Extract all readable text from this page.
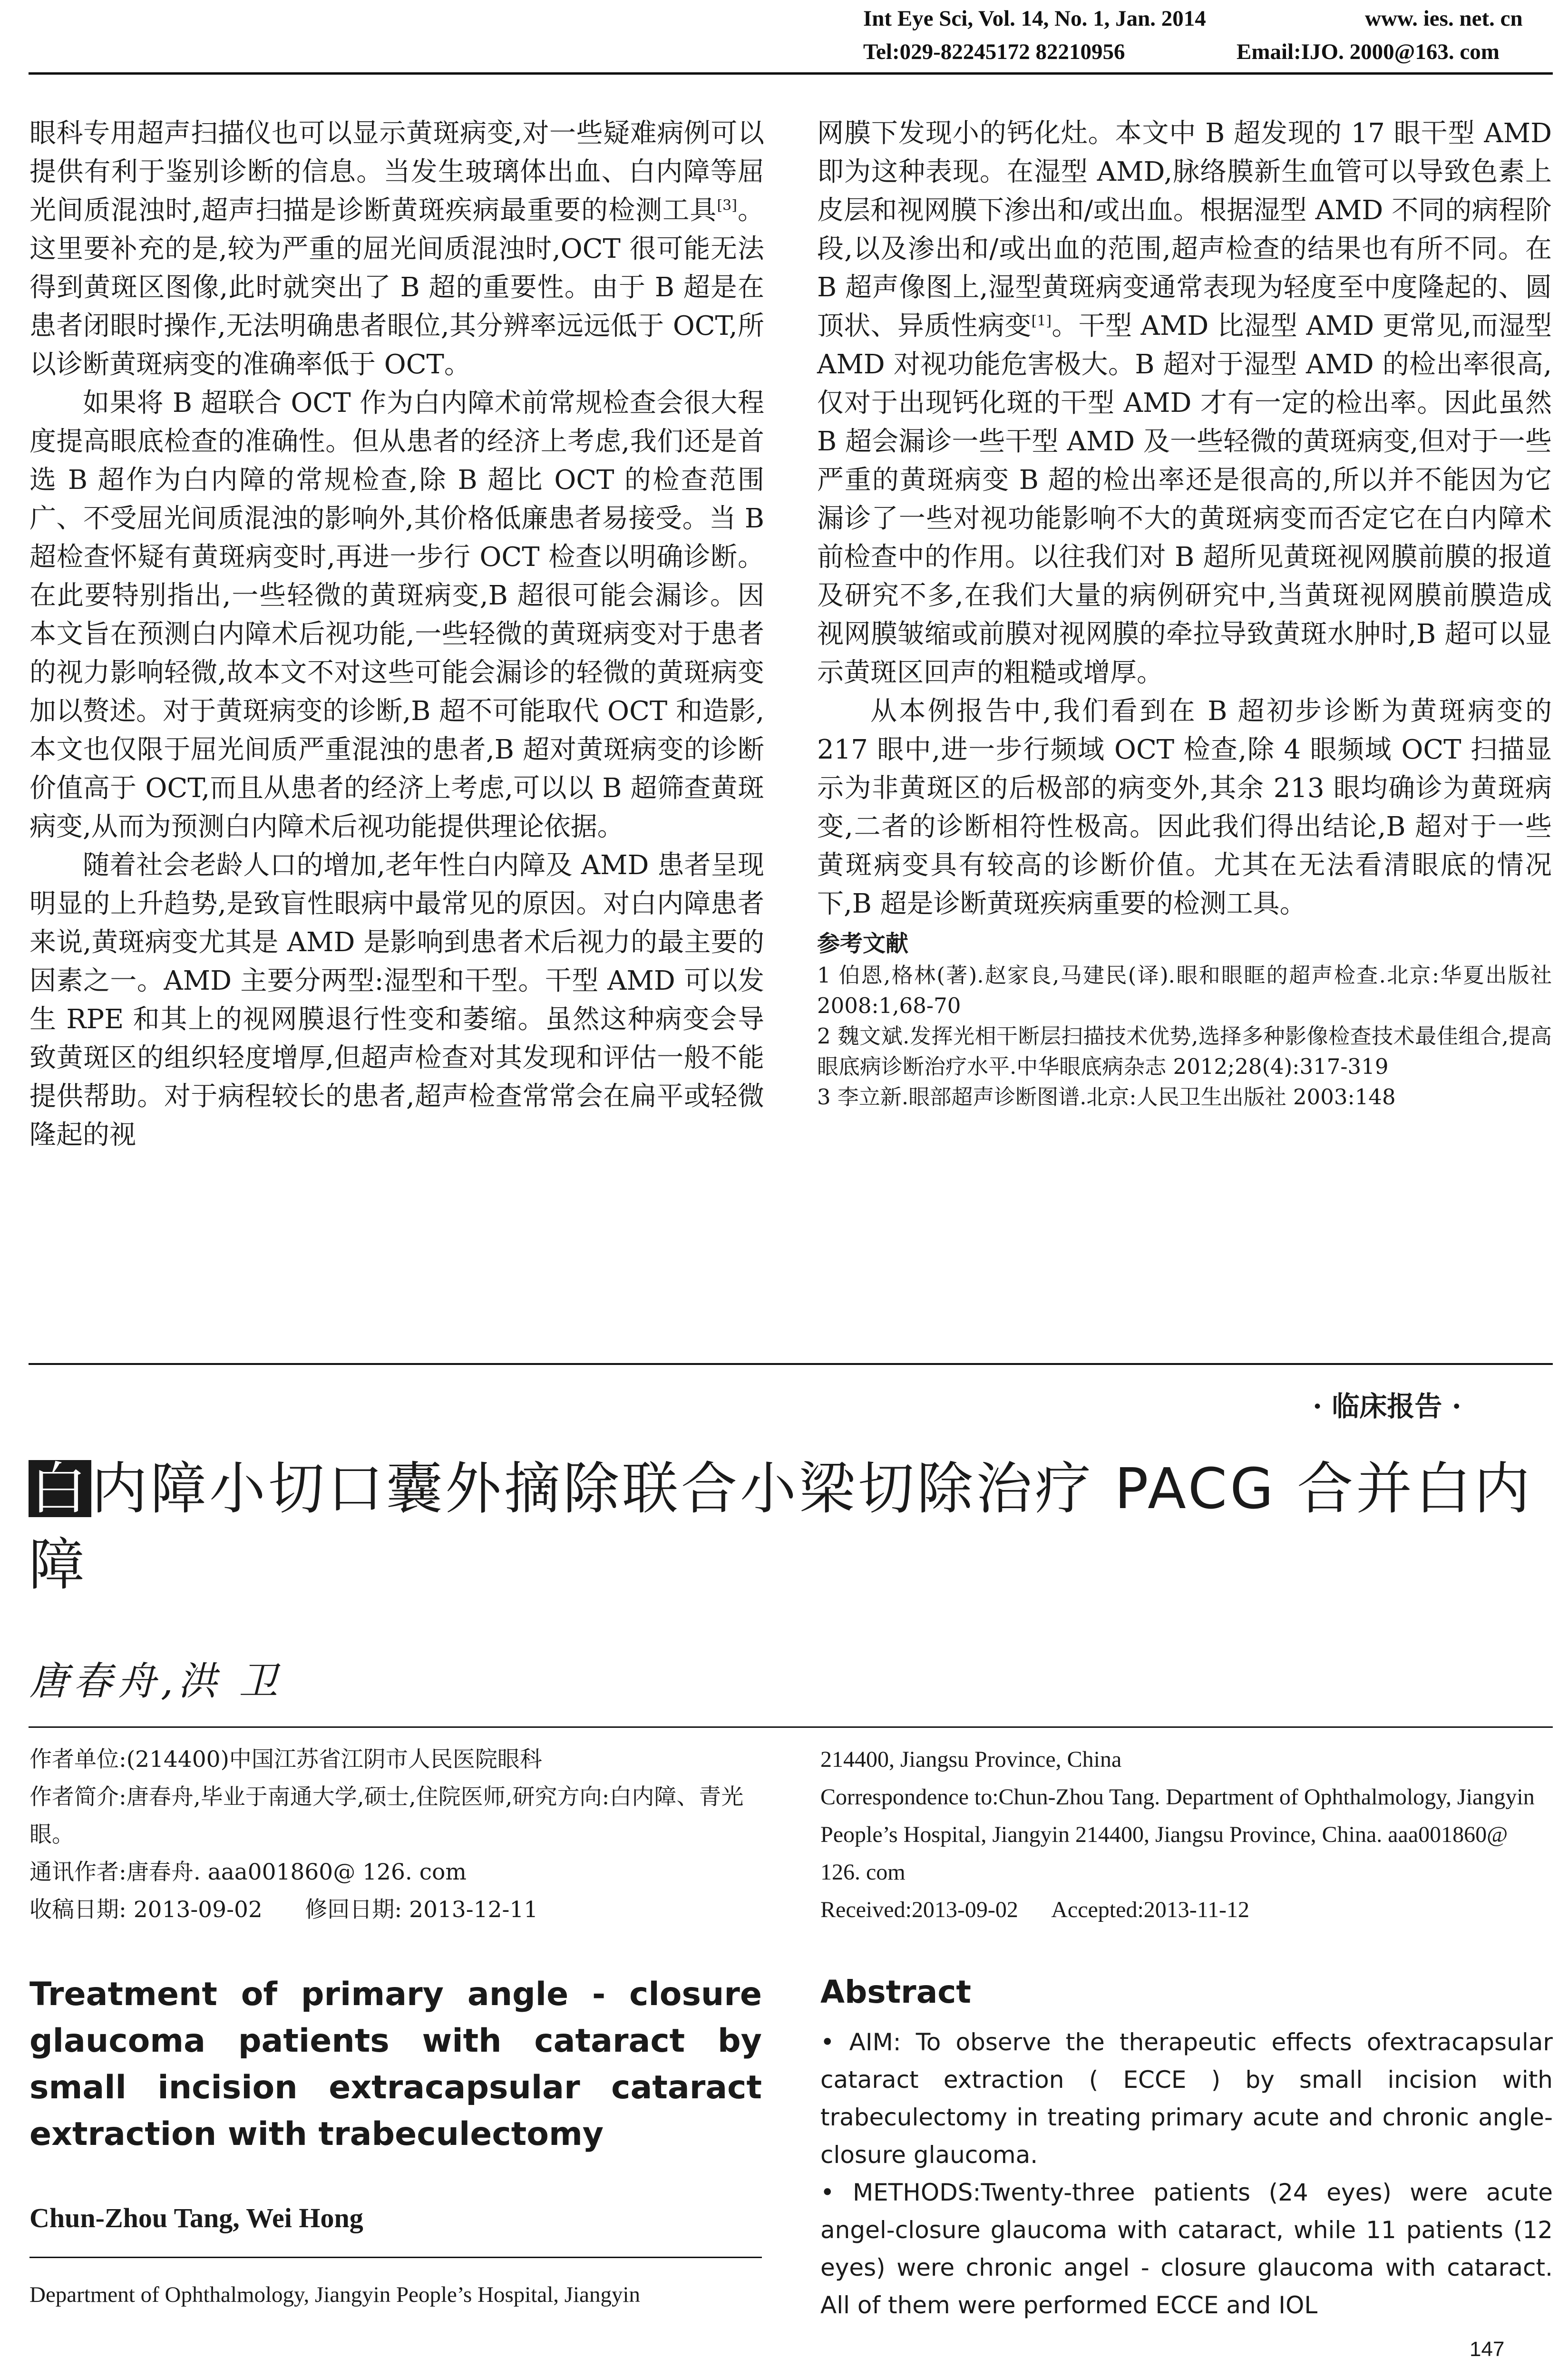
Int Eye Sci, Vol. 14, No. 1, Jan. 2014	www. ies. net. cn
Tel:029-82245172 82210956	Email:IJO. 2000@163. com

眼科专用超声扫描仪也可以显示黄斑病变,对一些疑难病例可以提供有利于鉴别诊断的信息。当发生玻璃体出血、白内障等屈光间质混浊时,超声扫描是诊断黄斑疾病最重要的检测工具[3]。这里要补充的是,较为严重的屈光间质混浊时,OCT 很可能无法得到黄斑区图像,此时就突出了 B 超的重要性。由于 B 超是在患者闭眼时操作,无法明确患者眼位,其分辨率远远低于 OCT,所以诊断黄斑病变的准确率低于 OCT。

如果将 B 超联合 OCT 作为白内障术前常规检查会很大程度提高眼底检查的准确性。但从患者的经济上考虑,我们还是首选 B 超作为白内障的常规检查,除 B 超比 OCT 的检查范围广、不受屈光间质混浊的影响外,其价格低廉患者易接受。当 B 超检查怀疑有黄斑病变时,再进一步行 OCT 检查以明确诊断。在此要特别指出,一些轻微的黄斑病变,B 超很可能会漏诊。因本文旨在预测白内障术后视功能,一些轻微的黄斑病变对于患者的视力影响轻微,故本文不对这些可能会漏诊的轻微的黄斑病变加以赘述。对于黄斑病变的诊断,B 超不可能取代 OCT 和造影,本文也仅限于屈光间质严重混浊的患者,B 超对黄斑病变的诊断价值高于 OCT,而且从患者的经济上考虑,可以以 B 超筛查黄斑病变,从而为预测白内障术后视功能提供理论依据。

随着社会老龄人口的增加,老年性白内障及 AMD 患者呈现明显的上升趋势,是致盲性眼病中最常见的原因。对白内障患者来说,黄斑病变尤其是 AMD 是影响到患者术后视力的最主要的因素之一。AMD 主要分两型:湿型和干型。干型 AMD 可以发生 RPE 和其上的视网膜退行性变和萎缩。虽然这种病变会导致黄斑区的组织轻度增厚,但超声检查对其发现和评估一般不能提供帮助。对于病程较长的患者,超声检查常常会在扁平或轻微隆起的视

网膜下发现小的钙化灶。本文中 B 超发现的 17 眼干型 AMD 即为这种表现。在湿型 AMD,脉络膜新生血管可以导致色素上皮层和视网膜下渗出和/或出血。根据湿型 AMD 不同的病程阶段,以及渗出和/或出血的范围,超声检查的结果也有所不同。在 B 超声像图上,湿型黄斑病变通常表现为轻度至中度隆起的、圆顶状、异质性病变[1]。干型 AMD 比湿型 AMD 更常见,而湿型 AMD 对视功能危害极大。B 超对于湿型 AMD 的检出率很高,仅对于出现钙化斑的干型 AMD 才有一定的检出率。因此虽然 B 超会漏诊一些干型 AMD 及一些轻微的黄斑病变,但对于一些严重的黄斑病变 B 超的检出率还是很高的,所以并不能因为它漏诊了一些对视功能影响不大的黄斑病变而否定它在白内障术前检查中的作用。以往我们对 B 超所见黄斑视网膜前膜的报道及研究不多,在我们大量的病例研究中,当黄斑视网膜前膜造成视网膜皱缩或前膜对视网膜的牵拉导致黄斑水肿时,B 超可以显示黄斑区回声的粗糙或增厚。

从本例报告中,我们看到在 B 超初步诊断为黄斑病变的 217 眼中,进一步行频域 OCT 检查,除 4 眼频域 OCT 扫描显示为非黄斑区的后极部的病变外,其余 213 眼均确诊为黄斑病变,二者的诊断相符性极高。因此我们得出结论,B 超对于一些黄斑病变具有较高的诊断价值。尤其在无法看清眼底的情况下,B 超是诊断黄斑疾病重要的检测工具。

参考文献

1 伯恩,格林(著).赵家良,马建民(译).眼和眼眶的超声检查.北京:华夏出版社 2008:1,68-70

2 魏文斌.发挥光相干断层扫描技术优势,选择多种影像检查技术最佳组合,提高眼底病诊断治疗水平.中华眼底病杂志 2012;28(4):317-319

3 李立新.眼部超声诊断图谱.北京:人民卫生出版社 2003:148

· 临床报告 ·
白内障小切口囊外摘除联合小梁切除治疗 PACG 合并白内障
唐春舟,洪 卫

作者单位:(214400)中国江苏省江阴市人民医院眼科

作者简介:唐春舟,毕业于南通大学,硕士,住院医师,研究方向:白内障、青光眼。

通讯作者:唐春舟. aaa001860@ 126. com

收稿日期: 2013-09-02      修回日期: 2013-12-11

214400, Jiangsu Province, China

Correspondence to:Chun-Zhou Tang. Department of Ophthalmology, Jiangyin People’s Hospital, Jiangyin 214400, Jiangsu Province, China. aaa001860@ 126. com

Received:2013-09-02      Accepted:2013-11-12

Treatment of primary angle - closure glaucoma patients with cataract by small incision extracapsular cataract extraction with trabeculectomy
Chun-Zhou Tang, Wei Hong
Department of Ophthalmology, Jiangyin People’s Hospital, Jiangyin
Abstract

• AIM: To observe the therapeutic effects ofextracapsular cataract extraction ( ECCE ) by small incision with trabeculectomy in treating primary acute and chronic angle-closure glaucoma.

• METHODS:Twenty-three patients (24 eyes) were acute angel-closure glaucoma with cataract, while 11 patients (12 eyes) were chronic angel - closure glaucoma with cataract. All of them were performed ECCE and IOL

147
